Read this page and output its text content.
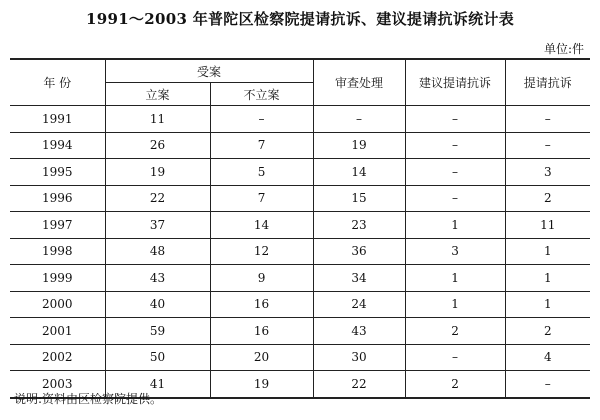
1991～2003 年普陀区检察院提请抗诉、建议提请抗诉统计表
单位:件
年 份	受案		审查处理	建议提请抗诉	提请抗诉
	立案	不立案			
1991	11	–	–	–	–
1994	26	7	19	–	–
1995	19	5	14	–	3
1996	22	7	15	–	2
1997	37	14	23	1	11
1998	48	12	36	3	1
1999	43	9	34	1	1
2000	40	16	24	1	1
2001	59	16	43	2	2
2002	50	20	30	–	4
2003	41	19	22	2	–
说明:资料由区检察院提供。
